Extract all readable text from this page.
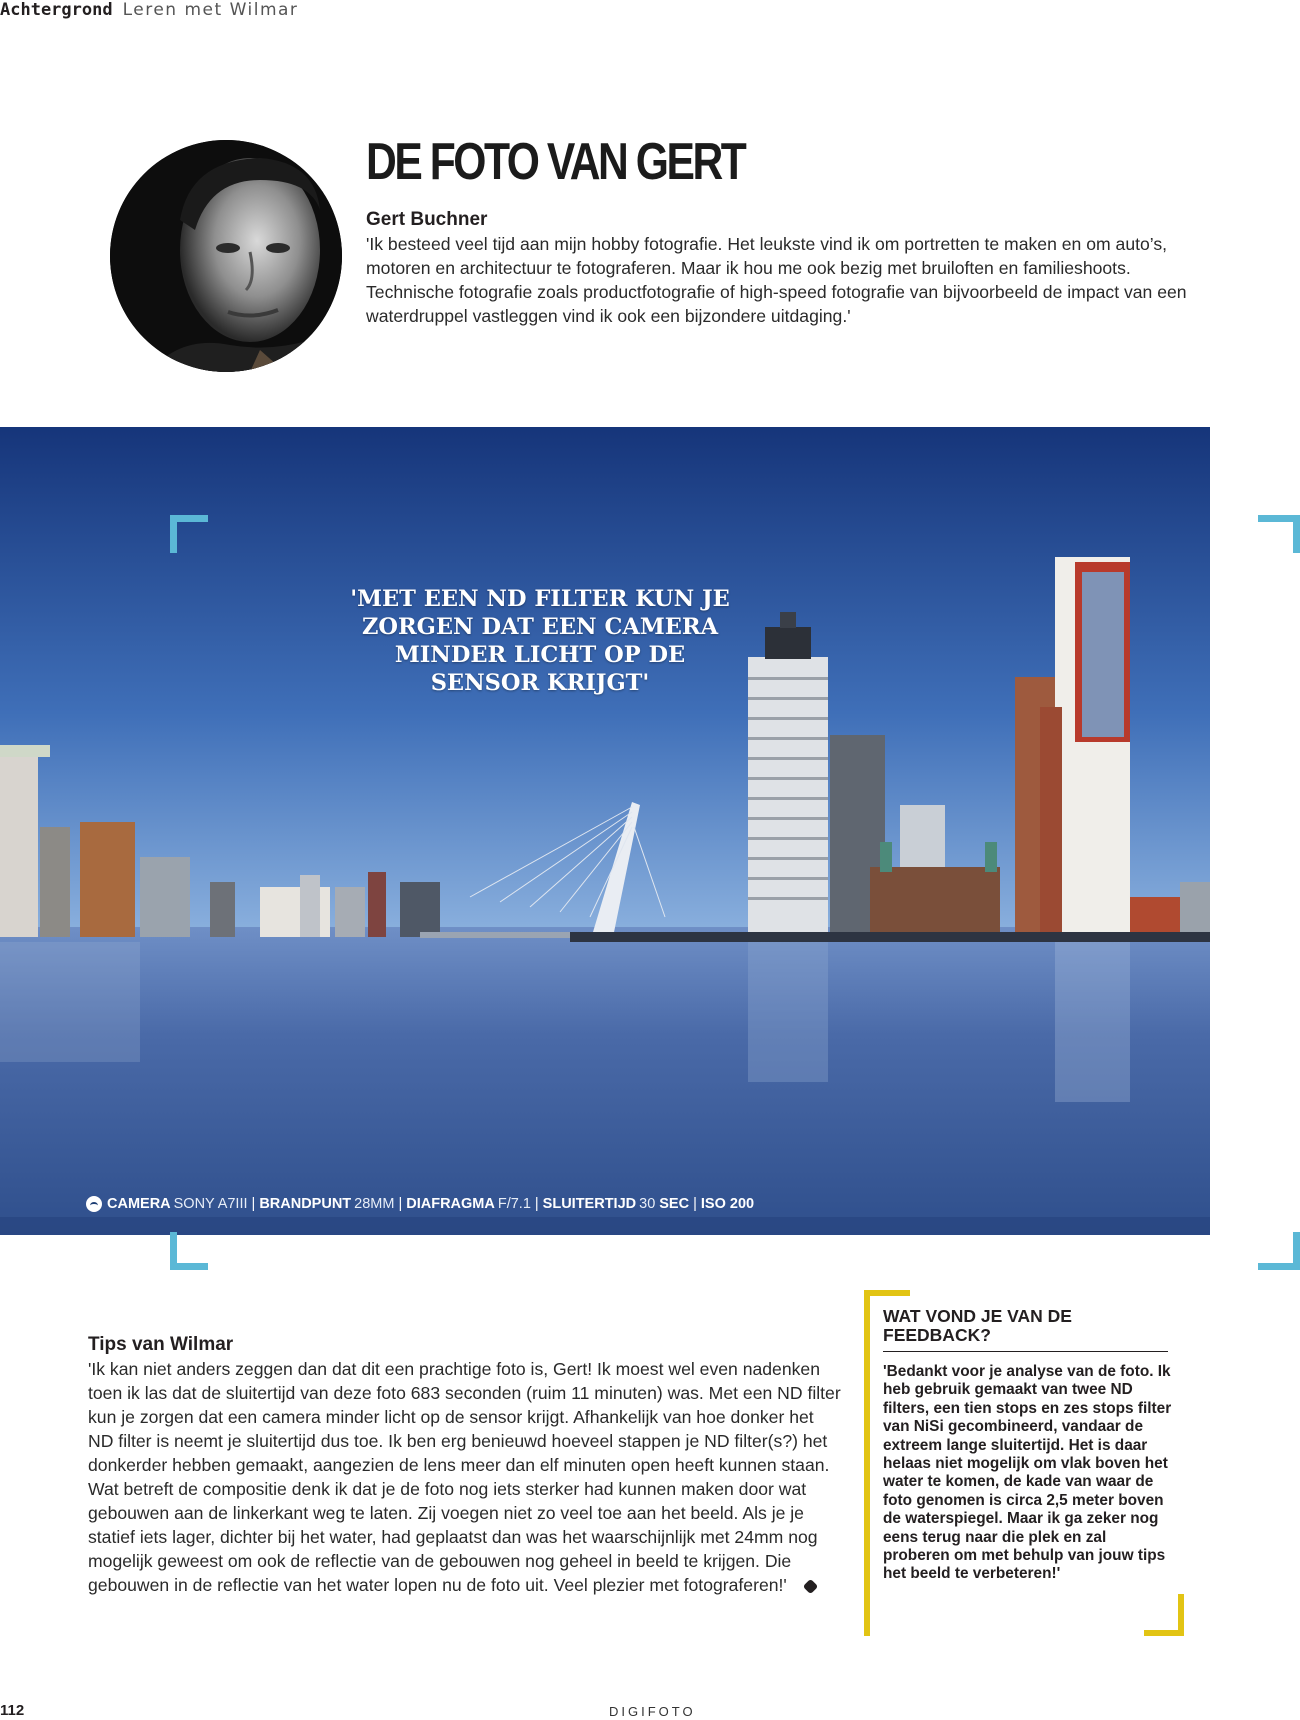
Achtergrond Leren met Wilmar
DE FOTO VAN GERT
Gert Buchner
'Ik besteed veel tijd aan mijn hobby fotografie. Het leukste vind ik om portretten te maken en om auto’s, motoren en architectuur te fotograferen. Maar ik hou me ook bezig met bruiloften en familieshoots. Technische fotografie zoals productfotografie of high-speed fotografie van bijvoorbeeld de impact van een waterdruppel vastleggen vind ik ook een bijzondere uitdaging.'
'MET EEN ND FILTER KUN JE ZORGEN DAT EEN CAMERA MINDER LICHT OP DE SENSOR KRIJGT'
CAMERA SONY A7III | BRANDPUNT 28MM | DIAFRAGMA F/7.1 | SLUITERTIJD 30 SEC | ISO 200
Tips van Wilmar
'Ik kan niet anders zeggen dan dat dit een prachtige foto is, Gert! Ik moest wel even nadenken toen ik las dat de sluitertijd van deze foto 683 seconden (ruim 11 minuten) was. Met een ND filter kun je zorgen dat een camera minder licht op de sensor krijgt. Afhankelijk van hoe donker het ND filter is neemt je sluitertijd dus toe. Ik ben erg benieuwd hoeveel stappen je ND filter(s?) het donkerder hebben gemaakt, aangezien de lens meer dan elf minuten open heeft kunnen staan. Wat betreft de compositie denk ik dat je de foto nog iets sterker had kunnen maken door wat gebouwen aan de linkerkant weg te laten. Zij voegen niet zo veel toe aan het beeld. Als je je statief iets lager, dichter bij het water, had geplaatst dan was het waarschijnlijk met 24mm nog mogelijk geweest om ook de reflectie van de gebouwen nog geheel in beeld te krijgen. Die gebouwen in de reflectie van het water lopen nu de foto uit. Veel plezier met fotograferen!'
WAT VOND JE VAN DE FEEDBACK?
'Bedankt voor je analyse van de foto. Ik heb gebruik gemaakt van twee ND filters, een tien stops en zes stops filter van NiSi gecombineerd, vandaar de extreem lange sluitertijd. Het is daar helaas niet mogelijk om vlak boven het water te komen, de kade van waar de foto genomen is circa 2,5 meter boven de waterspiegel. Maar ik ga zeker nog eens terug naar die plek en zal proberen om met behulp van jouw tips het beeld te verbeteren!'
112	DIGIFOTO
